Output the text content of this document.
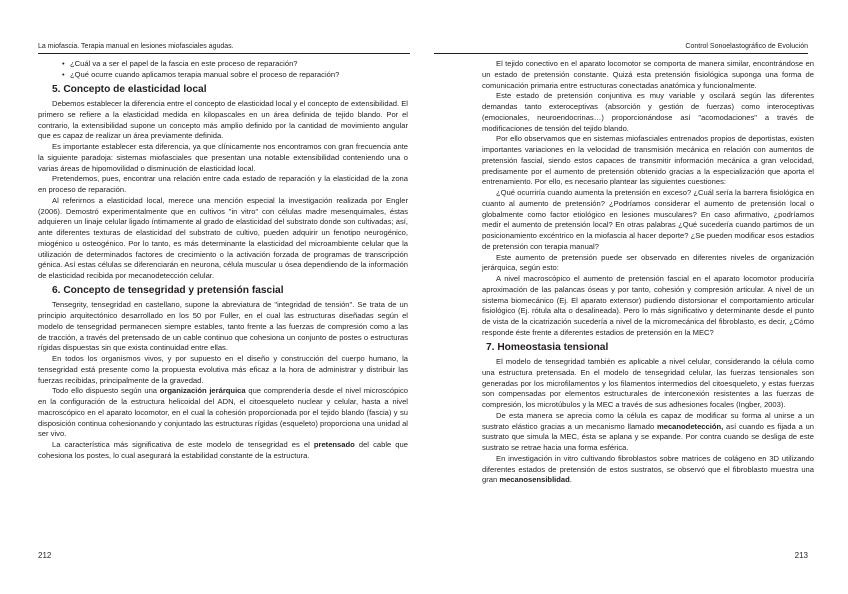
La miofascia. Terapia manual en lesiones miofasciales agudas.
• ¿Cuál va a ser el papel de la fascia en este proceso de reparación?
• ¿Qué ocurre cuando aplicamos terapia manual sobre el proceso de reparación?
5. Concepto de elasticidad local

Debemos establecer la diferencia entre el concepto de elasticidad local y el concepto de extensibilidad. El primero se refiere a la elasticidad medida en kilopascales en un área definida de tejido blando. Por el contrario, la extensibilidad supone un concepto más amplio definido por la cantidad de movimiento angular que es capaz de realizar un área previamente definida.

Es importante establecer esta diferencia, ya que clínicamente nos encontramos con gran frecuencia ante la siguiente paradoja: sistemas miofasciales que presentan una notable extensibilidad conteniendo una o varias áreas de hipomovilidad o disminución de elasticidad local.

Pretendemos, pues, encontrar una relación entre cada estado de reparación y la elasticidad de la zona en proceso de reparación.

Al referirnos a elasticidad local, merece una mención especial la investigación realizada por Engler (2006). Demostró experimentalmente que en cultivos "in vitro" con células madre mesenquimales, éstas adquieren un linaje celular ligado íntimamente al grado de elasticidad del substrato donde son cultivadas; así, ante diferentes texturas de elasticidad del substrato de cultivo, pueden adquirir un fenotipo neurogénico, miogénico u osteogénico. Por lo tanto, es más determinante la elasticidad del microambiente celular que la utilización de determinados factores de crecimiento o la activación forzada de programas de transcripción génica. Así estas células se diferenciarán en neurona, célula muscular u ósea dependiendo de la información de elasticidad recibida por mecanodetección celular.

6. Concepto de tensegridad y pretensión fascial

Tensegrity, tensegridad en castellano, supone la abreviatura de "integridad de tensión". Se trata de un principio arquitectónico desarrollado en los 50 por Fuller, en el cual las estructuras diseñadas según el modelo de tensegridad permanecen siempre estables, tanto frente a las fuerzas de compresión como a las de tracción, a través del pretensado de un cable continuo que cohesiona un conjunto de postes o estructuras rígidas dispuestas sin que exista continuidad entre ellas.

En todos los organismos vivos, y por supuesto en el diseño y construcción del cuerpo humano, la tensegridad está presente como la propuesta evolutiva más eficaz a la hora de administrar y distribuir las fuerzas recibidas, principalmente de la gravedad.

Todo ello dispuesto según una organización jerárquica que comprendería desde el nivel microscópico en la configuración de la estructura helicoidal del ADN, el citoesqueleto nuclear y celular, hasta a nivel macroscópico en el aparato locomotor, en el cual la cohesión proporcionada por el tejido blando (fascia) y su disposición continua cohesionando y conjuntado las estructuras rígidas (esqueleto) proporciona una unidad al ser vivo.

La característica más significativa de este modelo de tensegridad es el pretensado del cable que cohesiona los postes, lo cual asegurará la estabilidad constante de la estructura.

212
Control Sonoelastográfico de Evolución

El tejido conectivo en el aparato locomotor se comporta de manera similar, encontrándose en un estado de pretensión constante. Quizá esta pretensión fisiológica suponga una forma de comunicación primaria entre estructuras conectadas anatómica y funcionalmente.

Este estado de pretensión conjuntiva es muy variable y oscilará según las diferentes demandas tanto exteroceptivas (absorción y gestión de fuerzas) como interoceptivas (emocionales, neuroendocrinas…) proporcionándose así "acomodaciones" a través de modificaciones de tensión del tejido blando.

Por ello observamos que en sistemas miofasciales entrenados propios de deportistas, existen importantes variaciones en la velocidad de transmisión mecánica en relación con aumentos de pretensión fascial, siendo estos capaces de transmitir información mecánica a gran velocidad, predisamente por el aumento de pretensión obtenido gracias a la especialización que aporta el entrenamiento. Por ello, es necesario plantear las siguientes cuestiones:

¿Qué ocurriría cuando aumenta la pretensión en exceso? ¿Cuál sería la barrera fisiológica en cuanto al aumento de pretensión? ¿Podríamos considerar el aumento de pretensión local o globalmente como factor etiológico en lesiones musculares? En caso afirmativo, ¿podríamos medir el aumento de pretensión local? En otras palabras ¿Qué sucedería cuando partimos de un posicionamiento excéntrico en la miofascia al hacer deporte? ¿Se pueden modificar esos estadios de pretensión con terapia manual?

Este aumento de pretensión puede ser observado en diferentes niveles de organización jerárquica, según esto:

A nivel macroscópico el aumento de pretensión fascial en el aparato locomotor produciría aproximación de las palancas óseas y por tanto, cohesión y compresión articular. A nivel de un sistema biomecánico (Ej. El aparato extensor) pudiendo distorsionar el comportamiento articular fisiológico (Ej. rótula alta o desalineada). Pero lo más significativo y determinante desde el punto de vista de la cicatrización sucedería a nivel de la micromecánica del fibroblasto, es decir, ¿Cómo responde éste frente a diferentes estadios de pretensión en la MEC?

7. Homeostasia tensional

El modelo de tensegridad también es aplicable a nivel celular, considerando la célula como una estructura pretensada. En el modelo de tensegridad celular, las fuerzas tensionales son generadas por los microfilamentos y los filamentos intermedios del citoesqueleto, y estas fuerzas son compensadas por elementos estructurales de interconexión resistentes a las fuerzas de compresión, los microtúbulos y la MEC a través de sus adhesiones focales (Ingber, 2003).

De esta manera se aprecia como la célula es capaz de modificar su forma al unirse a un sustrato elástico gracias a un mecanismo llamado mecanodetección, así cuando es fijada a un sustrato que simula la MEC, ésta se aplana y se expande. Por contra cuando se desliga de este sustrato se retrae hacia una forma esférica.

En investigación in vitro cultivando fibroblastos sobre matrices de colágeno en 3D utilizando diferentes estados de pretensión de estos sustratos, se observó que el fibroblasto muestra una gran mecanosensiblidad.

213
